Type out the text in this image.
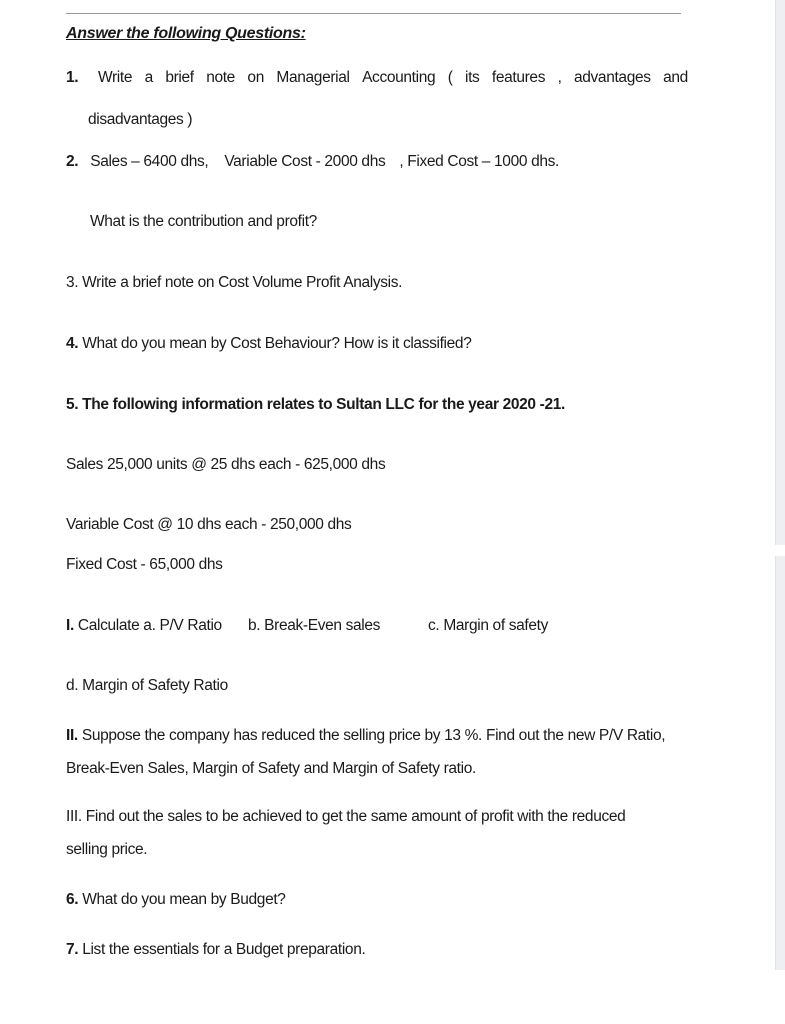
Answer the following Questions:
1. Write a brief note on Managerial Accounting ( its features , advantages and
disadvantages )
2. Sales – 6400 dhs, Variable Cost - 2000 dhs , Fixed Cost – 1000 dhs.
What is the contribution and profit?
3. Write a brief note on Cost Volume Profit Analysis.
4. What do you mean by Cost Behaviour? How is it classified?
5. The following information relates to Sultan LLC for the year 2020 -21.
Sales 25,000 units @ 25 dhs each - 625,000 dhs
Variable Cost @ 10 dhs each - 250,000 dhs
Fixed Cost - 65,000 dhs
I. Calculate a. P/V Ratio b. Break-Even sales	c. Margin of safety
d. Margin of Safety Ratio
II. Suppose the company has reduced the selling price by 13 %. Find out the new P/V Ratio,
Break-Even Sales, Margin of Safety and Margin of Safety ratio.
III. Find out the sales to be achieved to get the same amount of profit with the reduced
selling price.
6. What do you mean by Budget?
7. List the essentials for a Budget preparation.
